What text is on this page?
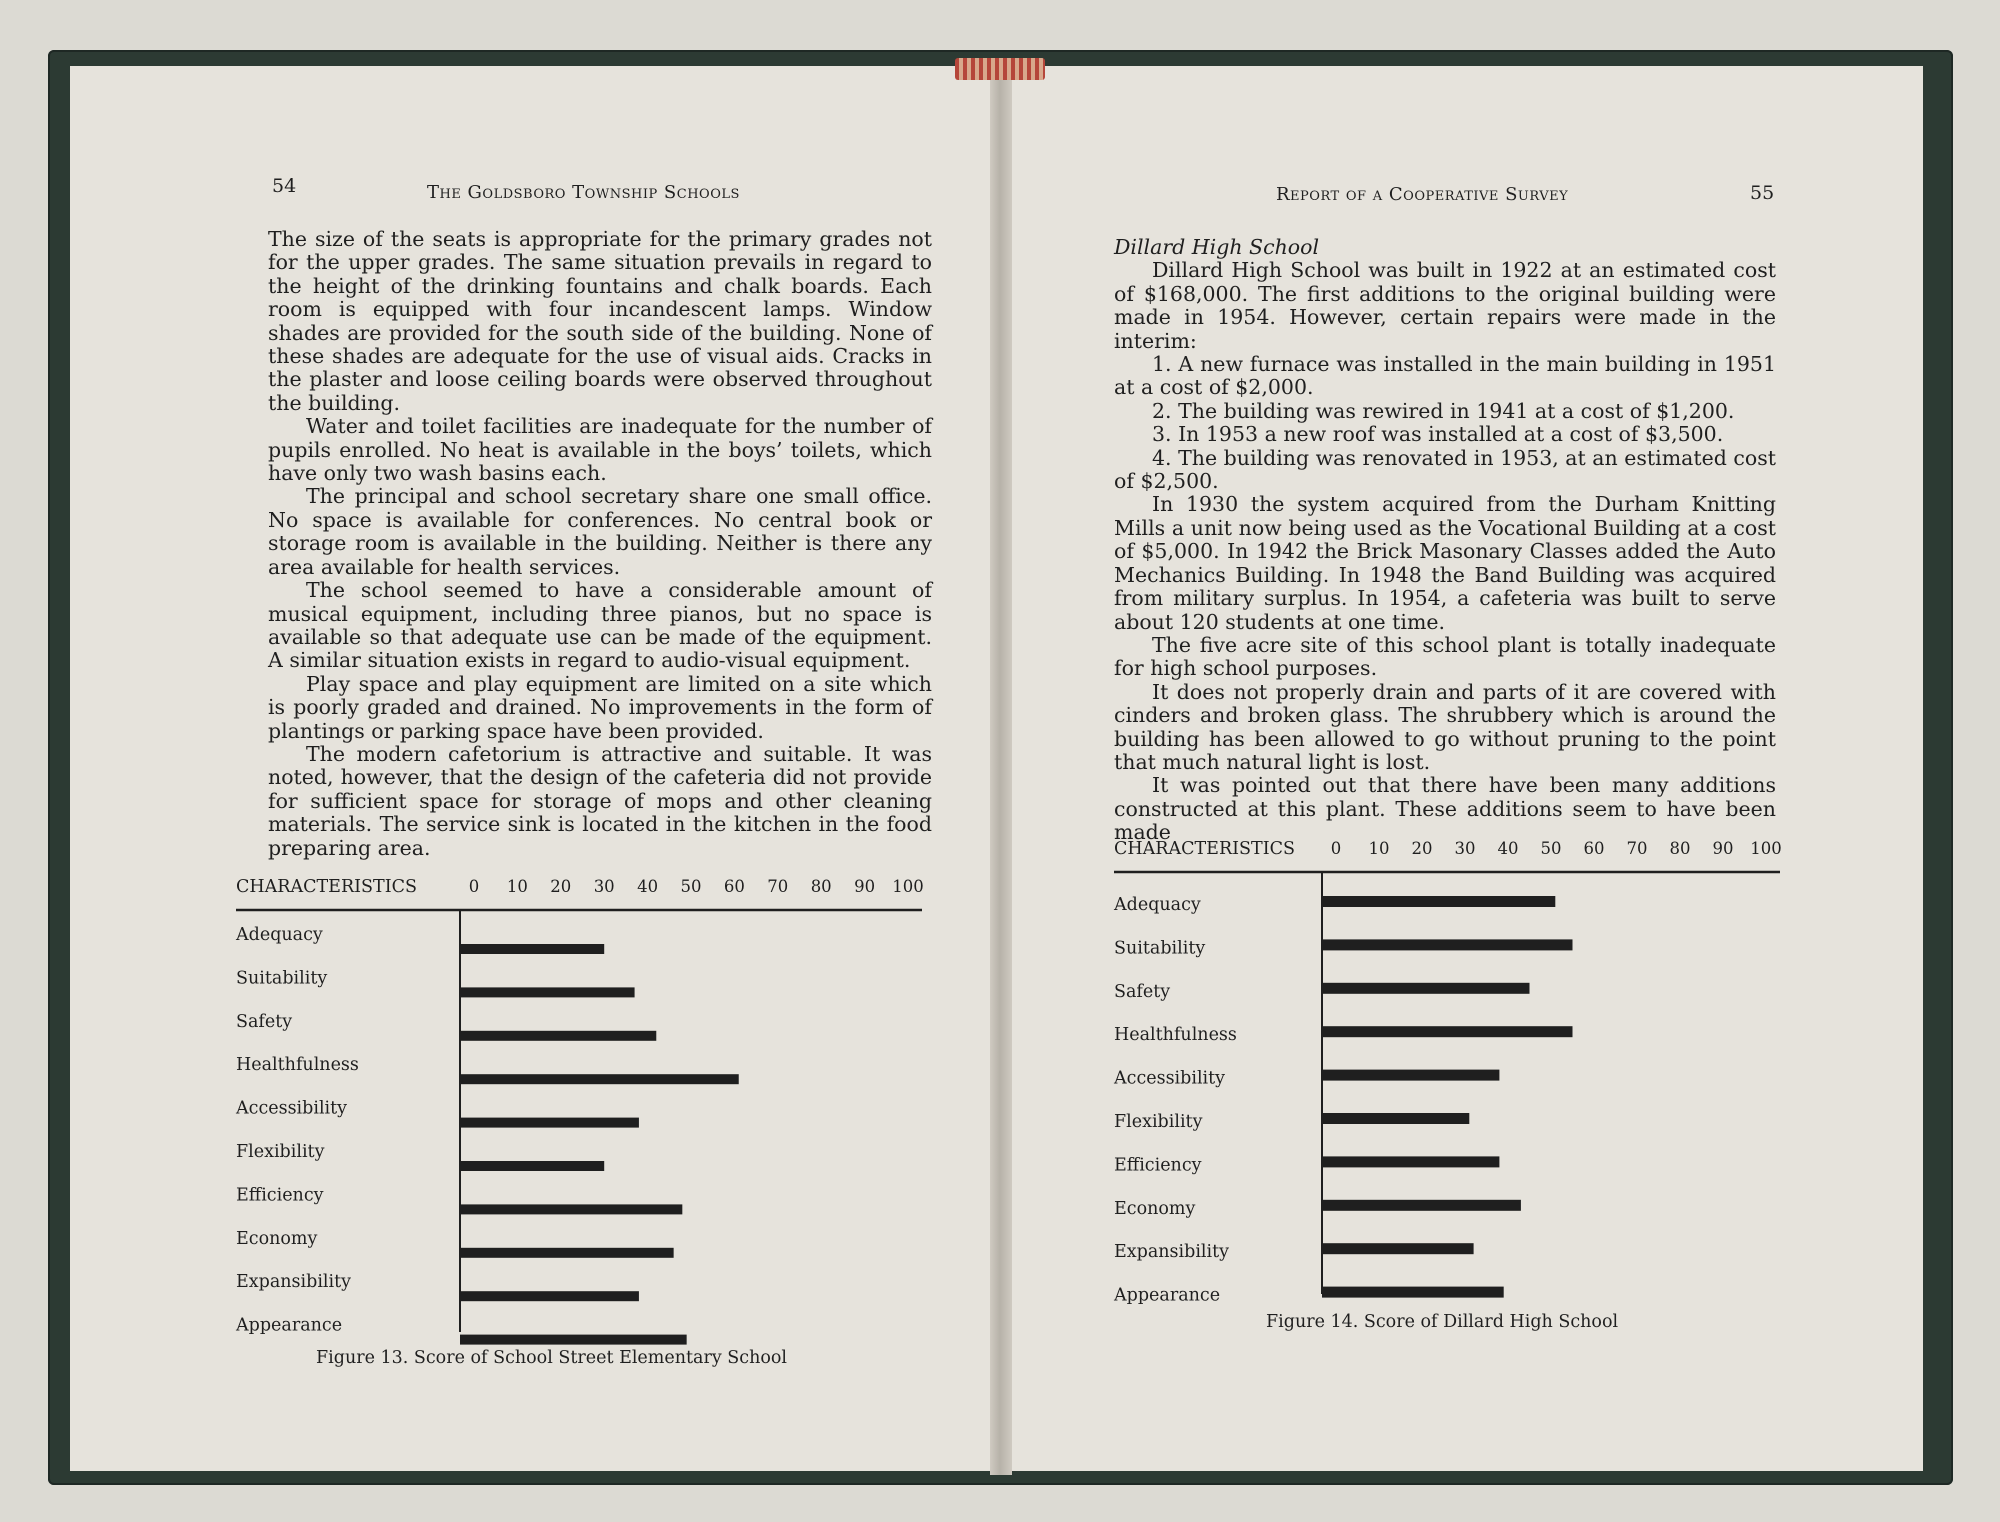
54	The Goldsboro Township Schools

The size of the seats is appropriate for the primary grades not for the upper grades. The same situation prevails in regard to the height of the drinking fountains and chalk boards. Each room is equipped with four incandescent lamps. Window shades are provided for the south side of the building. None of these shades are adequate for the use of visual aids. Cracks in the plaster and loose ceiling boards were observed throughout the building.

Water and toilet facilities are inadequate for the number of pupils enrolled. No heat is available in the boys’ toilets, which have only two wash basins each.

The principal and school secretary share one small office. No space is available for conferences. No central book or storage room is available in the building. Neither is there any area available for health services.

The school seemed to have a considerable amount of musical equipment, including three pianos, but no space is available so that adequate use can be made of the equipment. A similar situation exists in regard to audio-visual equipment.

Play space and play equipment are limited on a site which is poorly graded and drained. No improvements in the form of plantings or parking space have been provided.

The modern cafetorium is attractive and suitable. It was noted, however, that the design of the cafeteria did not provide for sufficient space for storage of mops and other cleaning materials. The service sink is located in the kitchen in the food preparing area.

CHARACTERISTICS	0 10 20 30 40 50 60 70 80 90 100
Adequacy
Suitability
Safety
Healthfulness
Accessibility
Flexibility
Efficiency
Economy
Expansibility
Appearance
Figure 13. Score of School Street Elementary School
Report of a Cooperative Survey	55

Dillard High School

Dillard High School was built in 1922 at an estimated cost of $168,000. The first additions to the original building were made in 1954. However, certain repairs were made in the interim:

1. A new furnace was installed in the main building in 1951 at a cost of $2,000.

2. The building was rewired in 1941 at a cost of $1,200.

3. In 1953 a new roof was installed at a cost of $3,500.

4. The building was renovated in 1953, at an estimated cost of $2,500.

In 1930 the system acquired from the Durham Knitting Mills a unit now being used as the Vocational Building at a cost of $5,000. In 1942 the Brick Masonary Classes added the Auto Mechanics Building. In 1948 the Band Building was acquired from military surplus. In 1954, a cafeteria was built to serve about 120 students at one time.

The five acre site of this school plant is totally inadequate for high school purposes.

It does not properly drain and parts of it are covered with cinders and broken glass. The shrubbery which is around the building has been allowed to go without pruning to the point that much natural light is lost.

It was pointed out that there have been many additions constructed at this plant. These additions seem to have been made

CHARACTERISTICS 0 10 20 30 40 50 60 70 80 90 100
Adequacy
Suitability
Safety
Healthfulness
Accessibility
Flexibility
Efficiency
Economy
Expansibility
Appearance
Figure 14. Score of Dillard High School
